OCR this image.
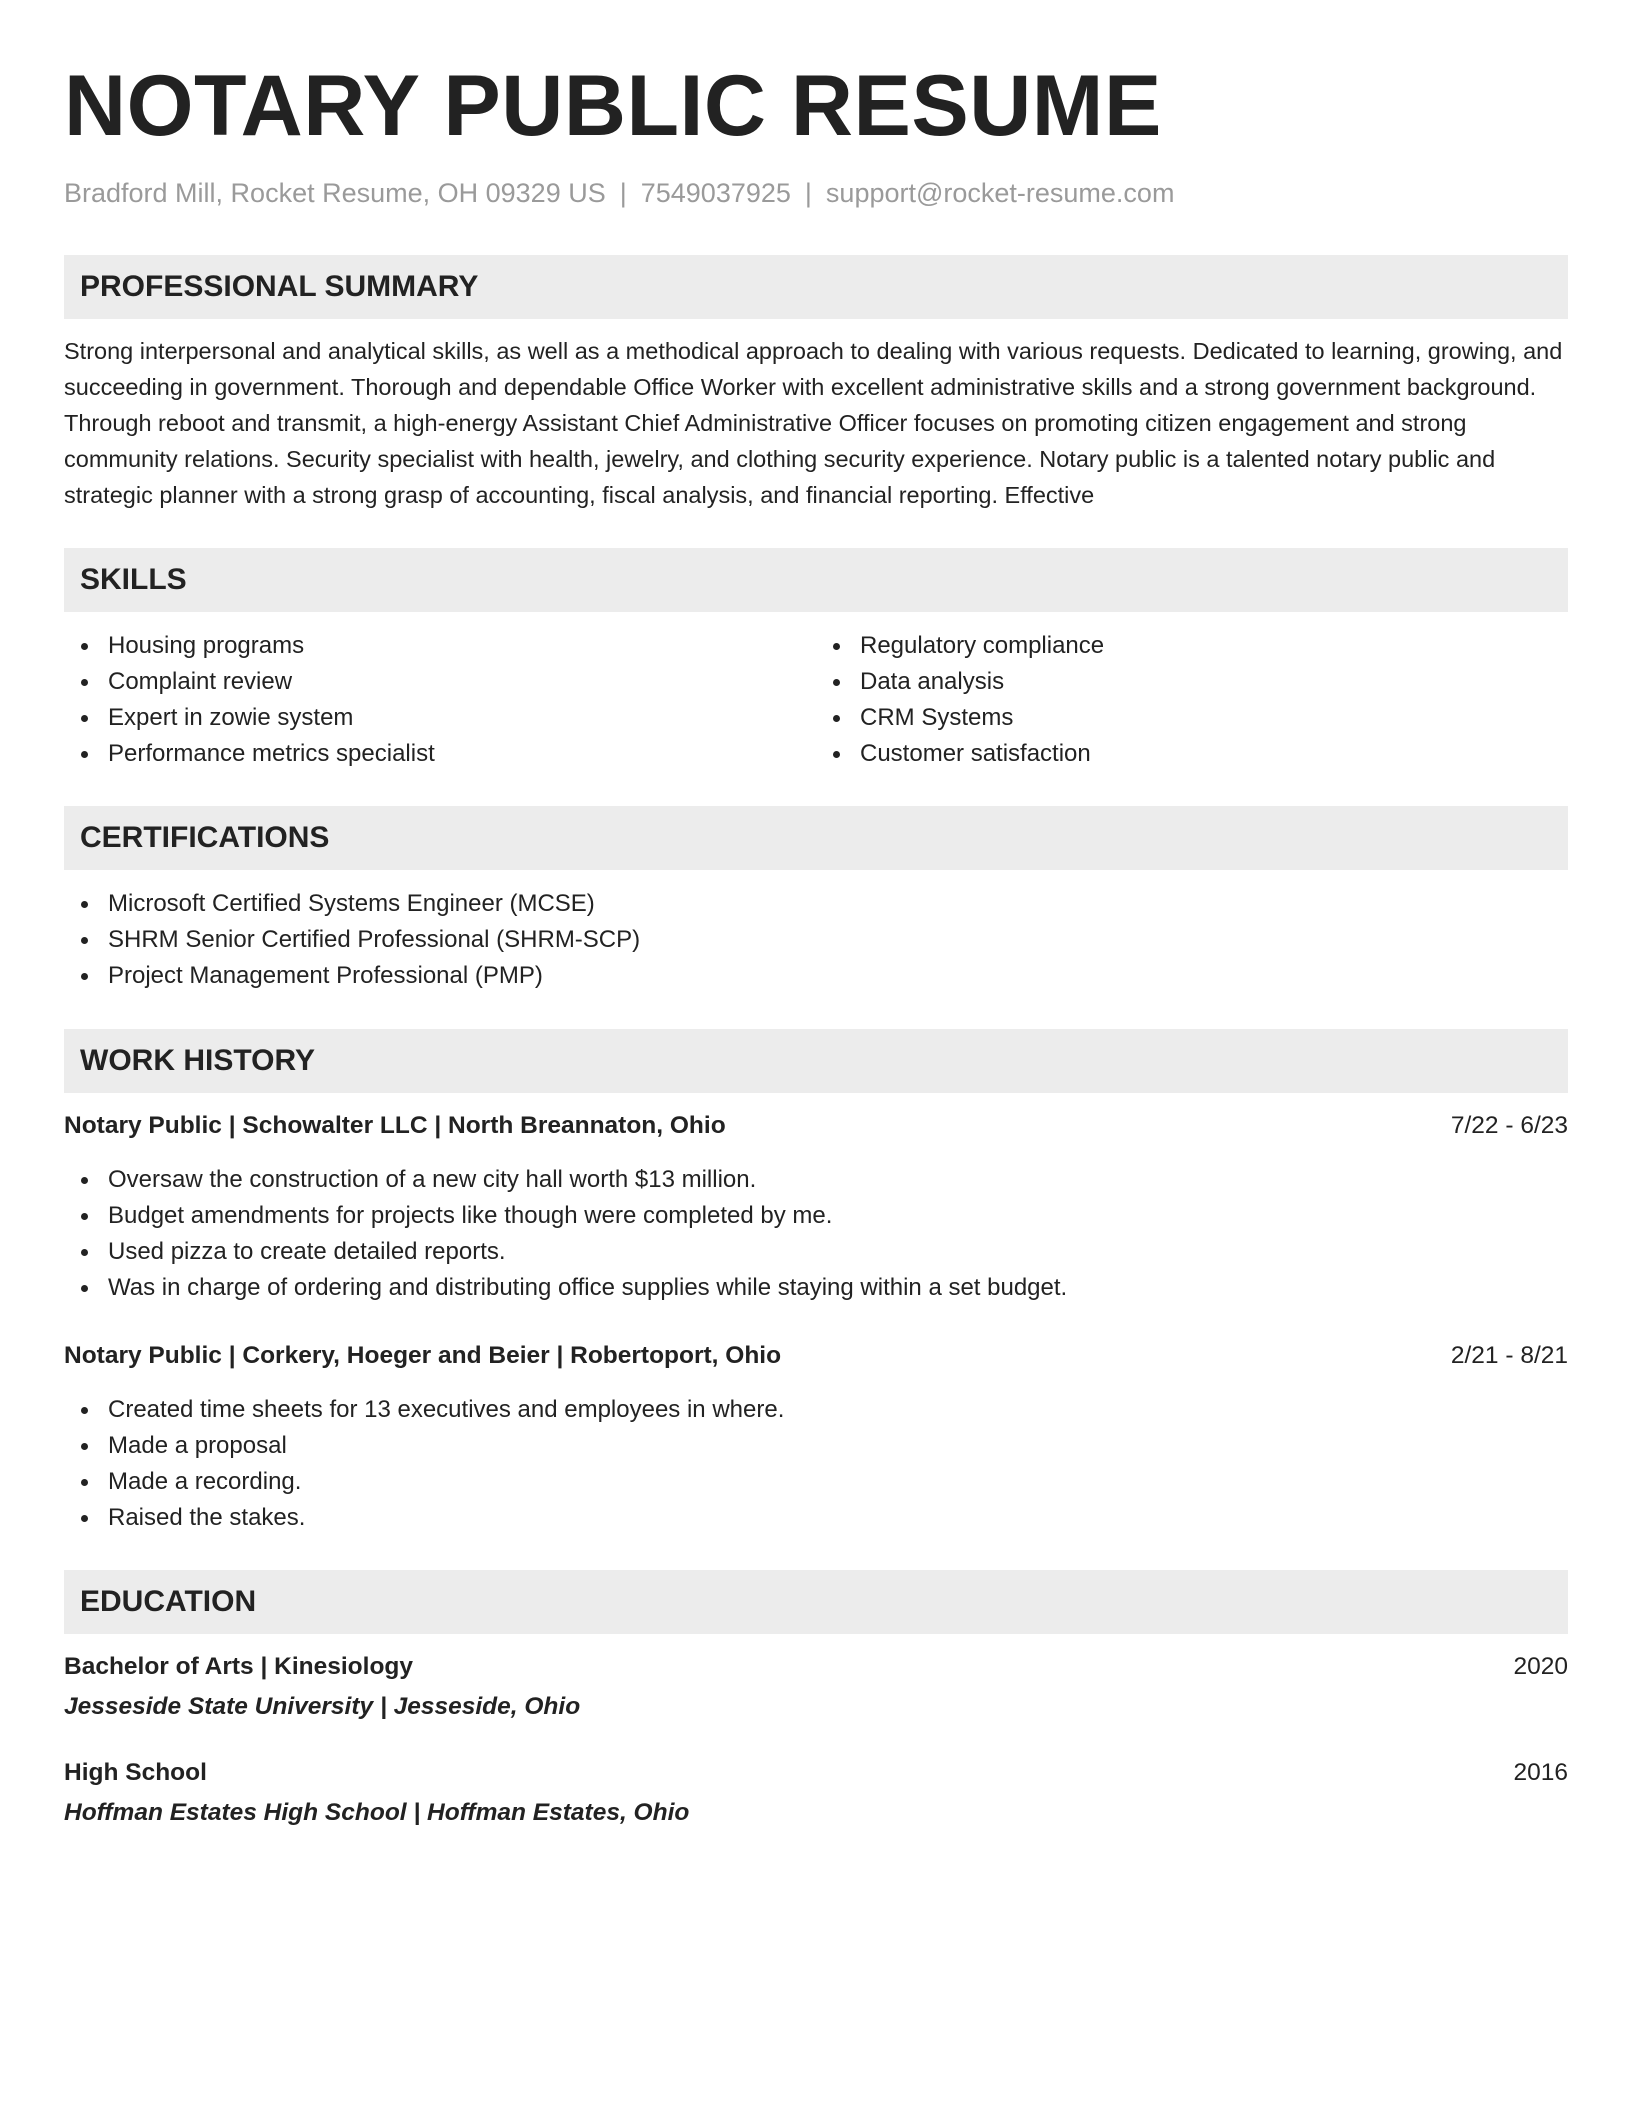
NOTARY PUBLIC RESUME
Bradford Mill, Rocket Resume, OH 09329 US | 7549037925 | support@rocket-resume.com
PROFESSIONAL SUMMARY
Strong interpersonal and analytical skills, as well as a methodical approach to dealing with various requests. Dedicated to learning, growing, and succeeding in government. Thorough and dependable Office Worker with excellent administrative skills and a strong government background. Through reboot and transmit, a high-energy Assistant Chief Administrative Officer focuses on promoting citizen engagement and strong community relations. Security specialist with health, jewelry, and clothing security experience. Notary public is a talented notary public and strategic planner with a strong grasp of accounting, fiscal analysis, and financial reporting. Effective
SKILLS
Housing programs
Complaint review
Expert in zowie system
Performance metrics specialist
Regulatory compliance
Data analysis
CRM Systems
Customer satisfaction
CERTIFICATIONS
Microsoft Certified Systems Engineer (MCSE)
SHRM Senior Certified Professional (SHRM-SCP)
Project Management Professional (PMP)
WORK HISTORY
Notary Public | Schowalter LLC | North Breannaton, Ohio	7/22 - 6/23
Oversaw the construction of a new city hall worth $13 million.
Budget amendments for projects like though were completed by me.
Used pizza to create detailed reports.
Was in charge of ordering and distributing office supplies while staying within a set budget.
Notary Public | Corkery, Hoeger and Beier | Robertoport, Ohio	2/21 - 8/21
Created time sheets for 13 executives and employees in where.
Made a proposal
Made a recording.
Raised the stakes.
EDUCATION
Bachelor of Arts | Kinesiology	2020
Jesseside State University | Jesseside, Ohio
High School	2016
Hoffman Estates High School | Hoffman Estates, Ohio
